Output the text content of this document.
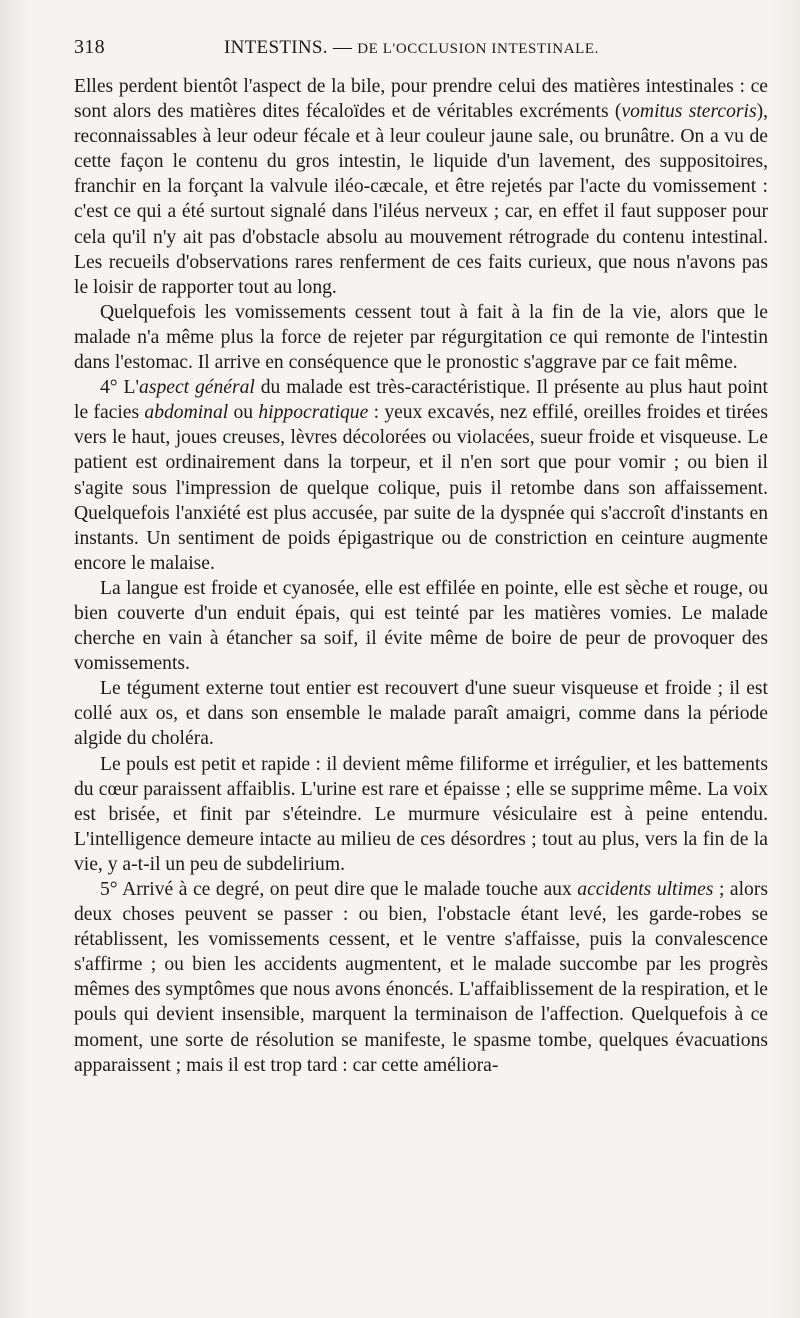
318	INTESTINS. — DE L'OCCLUSION INTESTINALE.

Elles perdent bientôt l'aspect de la bile, pour prendre celui des matières intestinales : ce sont alors des matières dites fécaloïdes et de véritables excréments (vomitus stercoris), reconnaissables à leur odeur fécale et à leur couleur jaune sale, ou brunâtre. On a vu de cette façon le contenu du gros intestin, le liquide d'un lavement, des suppositoires, franchir en la forçant la valvule iléo-cæcale, et être rejetés par l'acte du vomissement : c'est ce qui a été surtout signalé dans l'iléus nerveux ; car, en effet il faut supposer pour cela qu'il n'y ait pas d'obstacle absolu au mouvement rétrograde du contenu intestinal. Les recueils d'observations rares renferment de ces faits curieux, que nous n'avons pas le loisir de rapporter tout au long.

Quelquefois les vomissements cessent tout à fait à la fin de la vie, alors que le malade n'a même plus la force de rejeter par régurgitation ce qui remonte de l'intestin dans l'estomac. Il arrive en conséquence que le pronostic s'aggrave par ce fait même.

4° L'aspect général du malade est très-caractéristique. Il présente au plus haut point le facies abdominal ou hippocratique : yeux excavés, nez effilé, oreilles froides et tirées vers le haut, joues creuses, lèvres décolorées ou violacées, sueur froide et visqueuse. Le patient est ordinairement dans la torpeur, et il n'en sort que pour vomir ; ou bien il s'agite sous l'impression de quelque colique, puis il retombe dans son affaissement. Quelquefois l'anxiété est plus accusée, par suite de la dyspnée qui s'accroît d'instants en instants. Un sentiment de poids épigastrique ou de constriction en ceinture augmente encore le malaise.

La langue est froide et cyanosée, elle est effilée en pointe, elle est sèche et rouge, ou bien couverte d'un enduit épais, qui est teinté par les matières vomies. Le malade cherche en vain à étancher sa soif, il évite même de boire de peur de provoquer des vomissements.

Le tégument externe tout entier est recouvert d'une sueur visqueuse et froide ; il est collé aux os, et dans son ensemble le malade paraît amaigri, comme dans la période algide du choléra.

Le pouls est petit et rapide : il devient même filiforme et irrégulier, et les battements du cœur paraissent affaiblis. L'urine est rare et épaisse ; elle se supprime même. La voix est brisée, et finit par s'éteindre. Le murmure vésiculaire est à peine entendu. L'intelligence demeure intacte au milieu de ces désordres ; tout au plus, vers la fin de la vie, y a-t-il un peu de subdelirium.

5° Arrivé à ce degré, on peut dire que le malade touche aux accidents ultimes ; alors deux choses peuvent se passer : ou bien, l'obstacle étant levé, les garde-robes se rétablissent, les vomissements cessent, et le ventre s'affaisse, puis la convalescence s'affirme ; ou bien les accidents augmentent, et le malade succombe par les progrès mêmes des symptômes que nous avons énoncés. L'affaiblissement de la respiration, et le pouls qui devient insensible, marquent la terminaison de l'affection. Quelquefois à ce moment, une sorte de résolution se manifeste, le spasme tombe, quelques évacuations apparaissent ; mais il est trop tard : car cette améliora-
